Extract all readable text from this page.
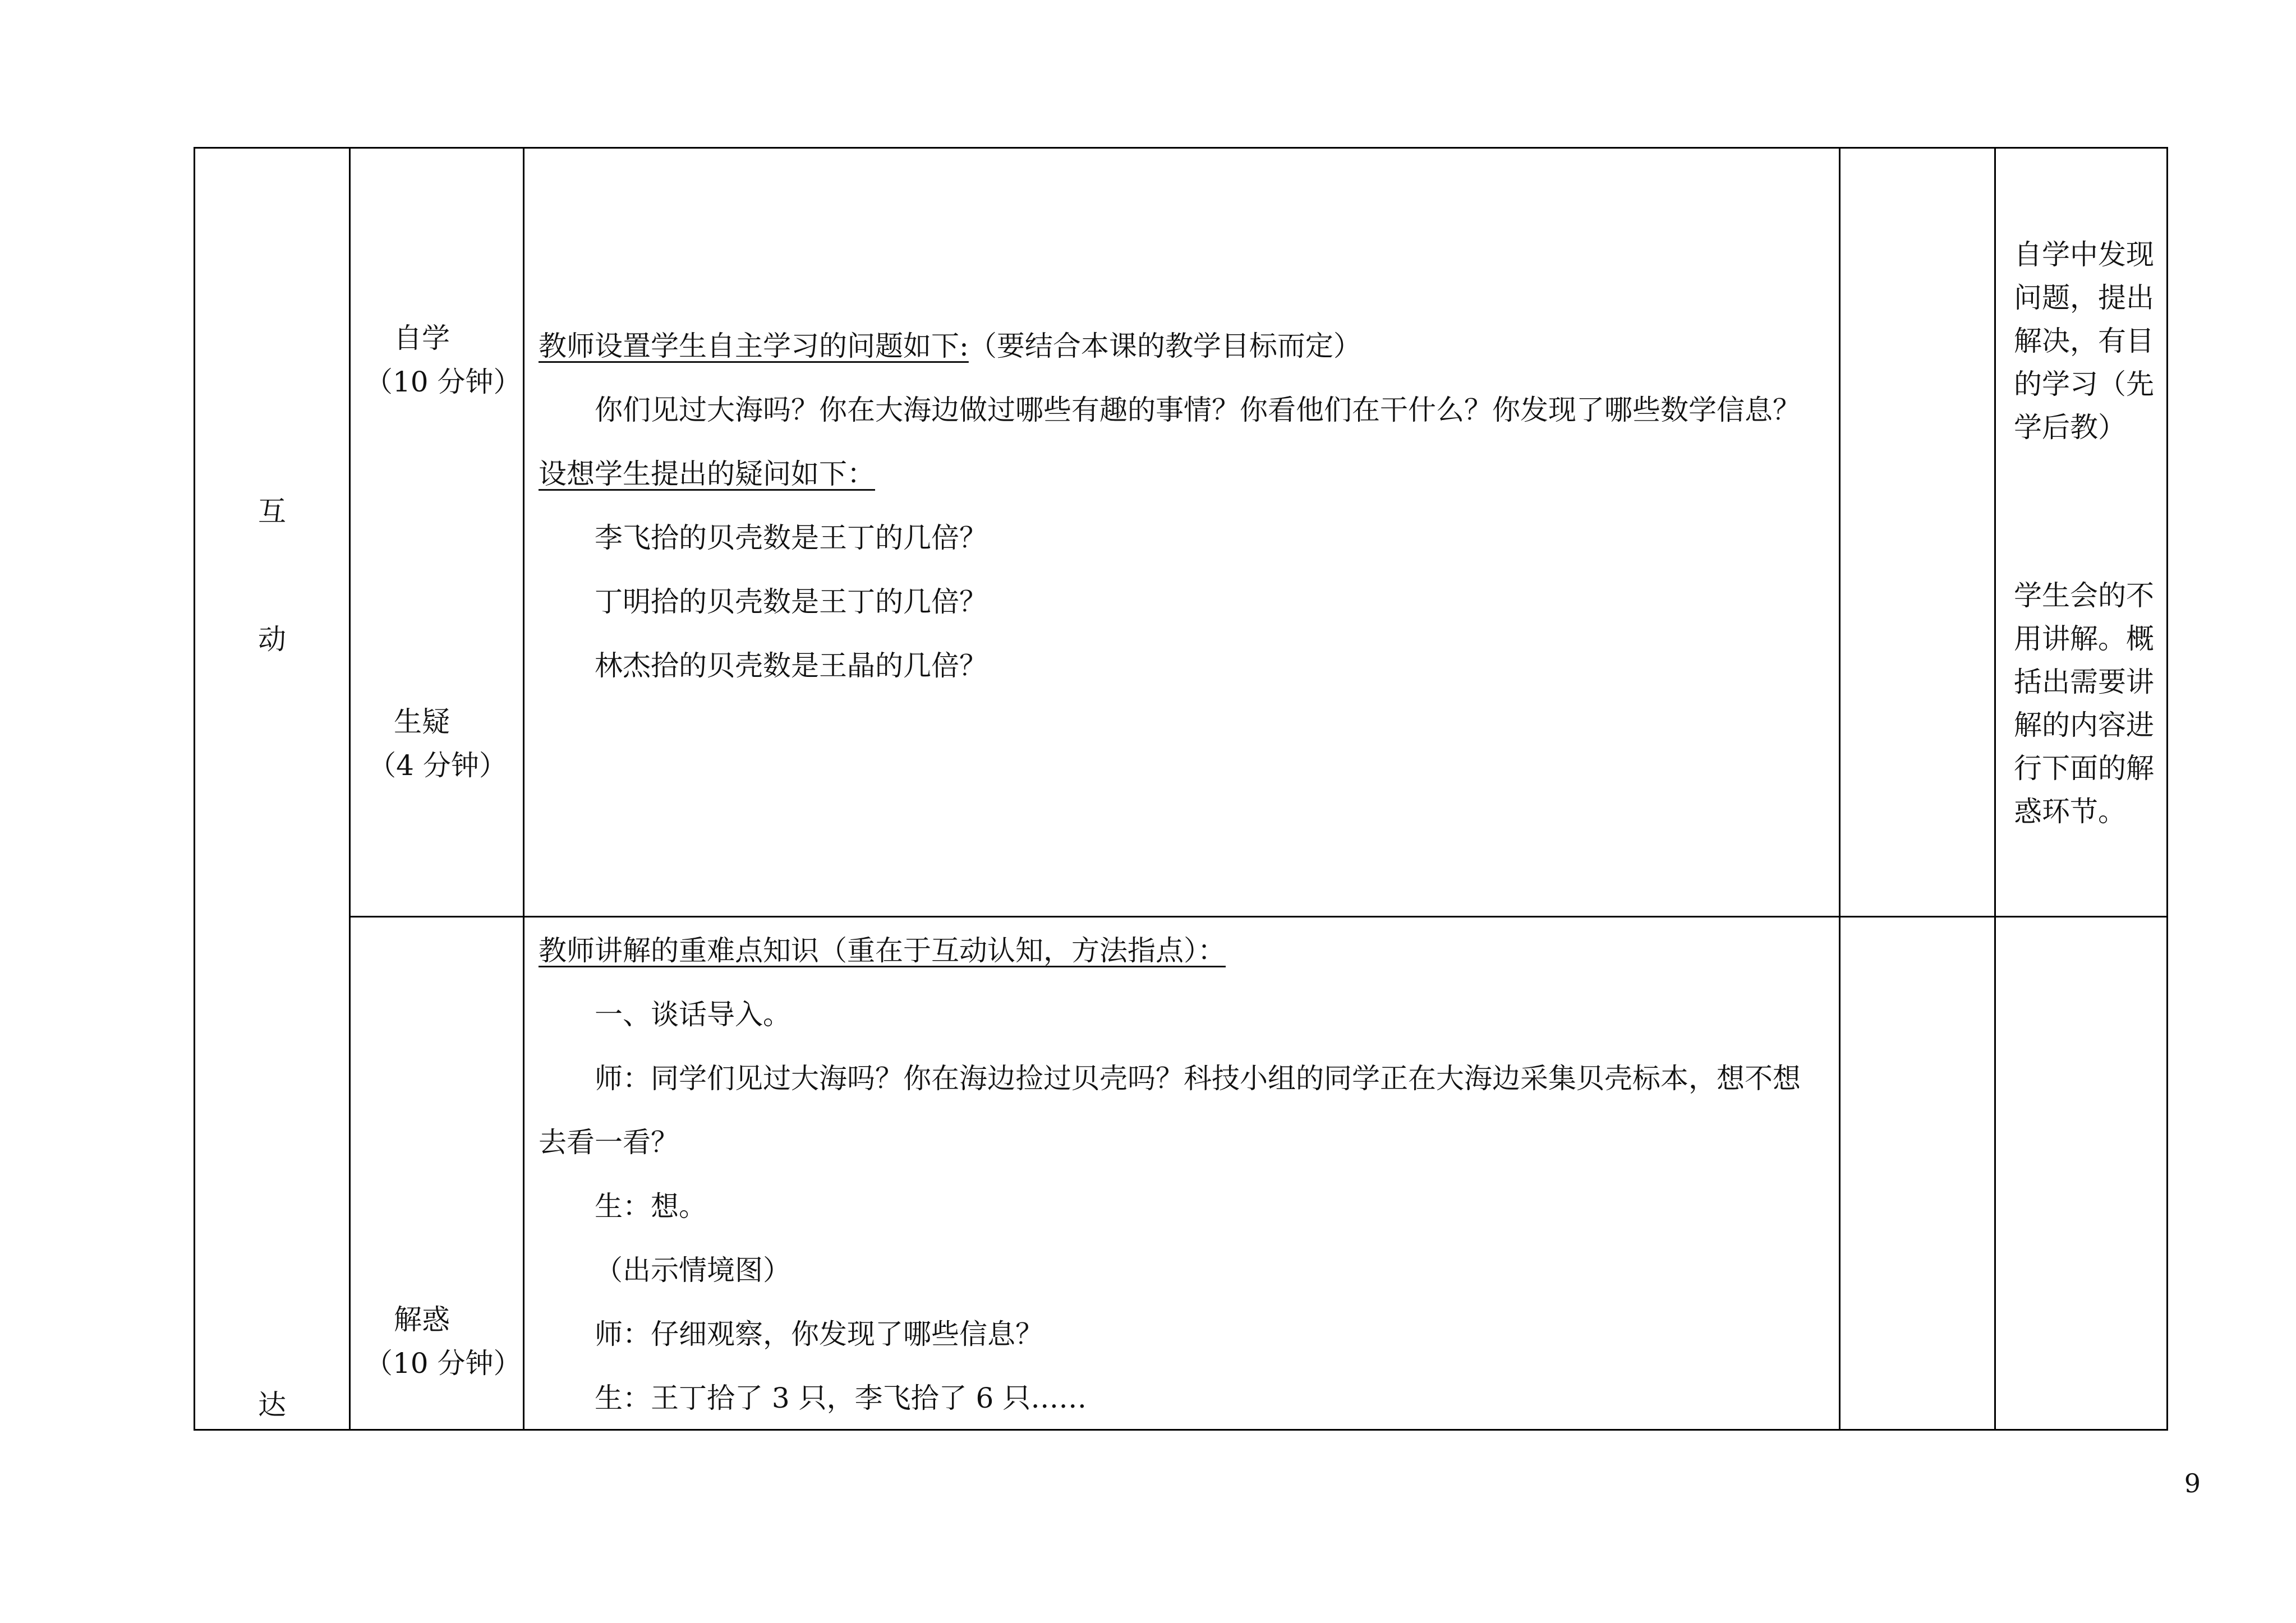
互
动
达
自学
（10 分钟）
生疑
（4 分钟）
解惑
（10 分钟）
教师设置学生自主学习的问题如下:（要结合本课的教学目标而定）
你们见过大海吗？你在大海边做过哪些有趣的事情？你看他们在干什么？你发现了哪些数学信息？
设想学生提出的疑问如下：
李飞拾的贝壳数是王丁的几倍？
丁明拾的贝壳数是王丁的几倍？
林杰拾的贝壳数是王晶的几倍？
教师讲解的重难点知识（重在于互动认知，方法指点）：
一、谈话导入。
师：同学们见过大海吗？你在海边捡过贝壳吗？科技小组的同学正在大海边采集贝壳标本，想不想
去看一看？
生：想。
（出示情境图）
师：仔细观察，你发现了哪些信息？
生：王丁拾了 3 只，李飞拾了 6 只……
自学中发现
问题，提出
解决，有目
的学习（先
学后教）
学生会的不
用讲解。概
括出需要讲
解的内容进
行下面的解
惑环节。
9
